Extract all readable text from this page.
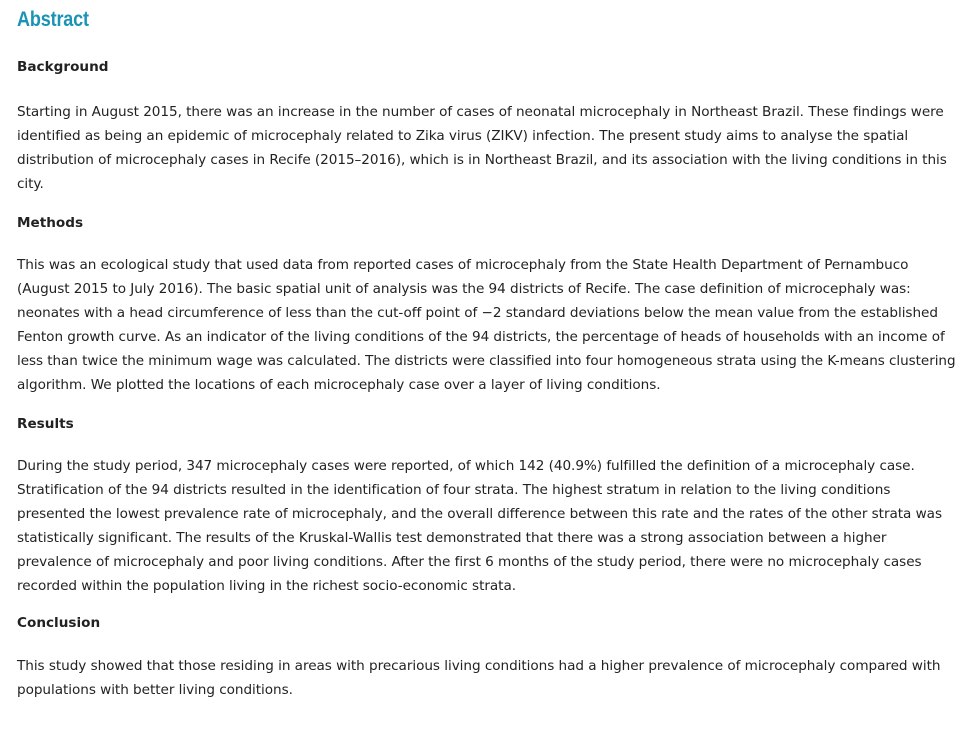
Abstract
Background

Starting in August 2015, there was an increase in the number of cases of neonatal microcephaly in Northeast Brazil. These findings were
identified as being an epidemic of microcephaly related to Zika virus (ZIKV) infection. The present study aims to analyse the spatial
distribution of microcephaly cases in Recife (2015–2016), which is in Northeast Brazil, and its association with the living conditions in this
city.

Methods

This was an ecological study that used data from reported cases of microcephaly from the State Health Department of Pernambuco
(August 2015 to July 2016). The basic spatial unit of analysis was the 94 districts of Recife. The case definition of microcephaly was:
neonates with a head circumference of less than the cut-off point of −2 standard deviations below the mean value from the established
Fenton growth curve. As an indicator of the living conditions of the 94 districts, the percentage of heads of households with an income of
less than twice the minimum wage was calculated. The districts were classified into four homogeneous strata using the K-means clustering
algorithm. We plotted the locations of each microcephaly case over a layer of living conditions.

Results

During the study period, 347 microcephaly cases were reported, of which 142 (40.9%) fulfilled the definition of a microcephaly case.
Stratification of the 94 districts resulted in the identification of four strata. The highest stratum in relation to the living conditions
presented the lowest prevalence rate of microcephaly, and the overall difference between this rate and the rates of the other strata was
statistically significant. The results of the Kruskal-Wallis test demonstrated that there was a strong association between a higher
prevalence of microcephaly and poor living conditions. After the first 6 months of the study period, there were no microcephaly cases
recorded within the population living in the richest socio-economic strata.

Conclusion

This study showed that those residing in areas with precarious living conditions had a higher prevalence of microcephaly compared with
populations with better living conditions.
